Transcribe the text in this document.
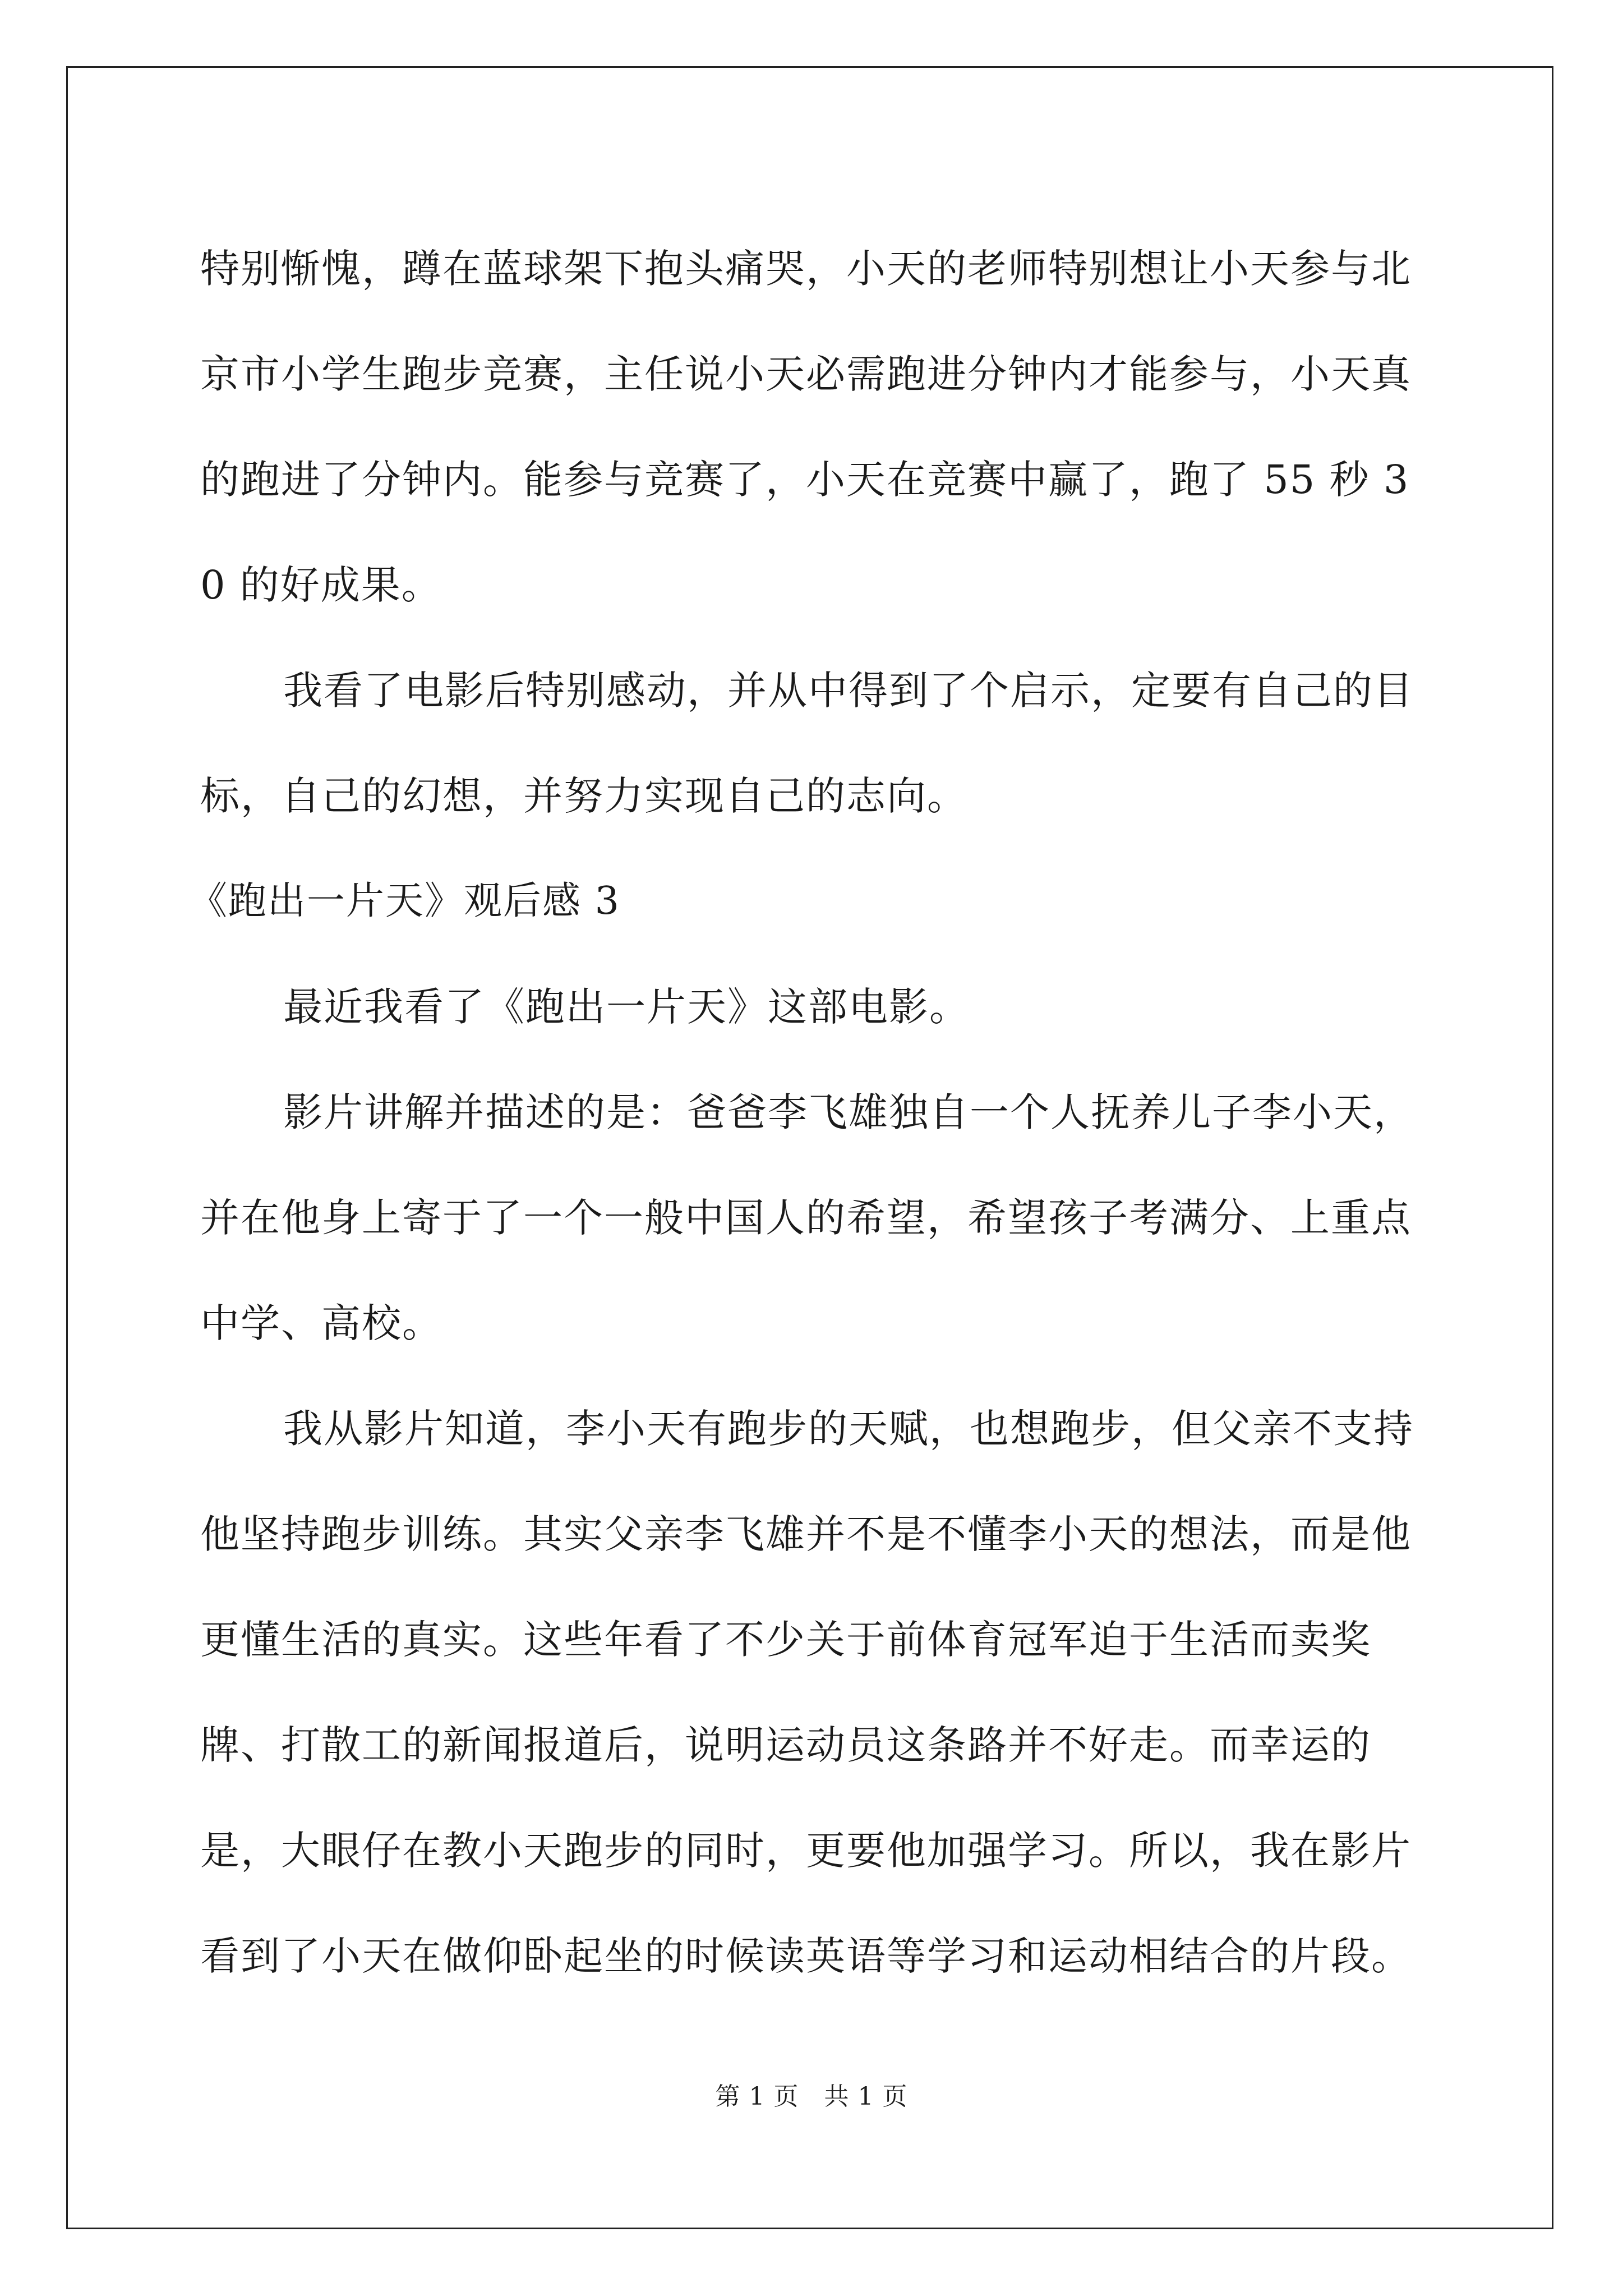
特别惭愧，蹲在蓝球架下抱头痛哭，小天的老师特别想让小天参与北京市小学生跑步竞赛，主任说小天必需跑进分钟内才能参与，小天真的跑进了分钟内。能参与竞赛了，小天在竞赛中赢了，跑了 55 秒 30 的好成果。

我看了电影后特别感动，并从中得到了个启示，定要有自己的目标，自己的幻想，并努力实现自己的志向。

《跑出一片天》观后感 3

最近我看了《跑出一片天》这部电影。

影片讲解并描述的是：爸爸李飞雄独自一个人抚养儿子李小天，并在他身上寄于了一个一般中国人的希望，希望孩子考满分、上重点中学、高校。

我从影片知道，李小天有跑步的天赋，也想跑步，但父亲不支持他坚持跑步训练。其实父亲李飞雄并不是不懂李小天的想法，而是他更懂生活的真实。这些年看了不少关于前体育冠军迫于生活而卖奖牌、打散工的新闻报道后，说明运动员这条路并不好走。而幸运的是，大眼仔在教小天跑步的同时，更要他加强学习。所以，我在影片看到了小天在做仰卧起坐的时候读英语等学习和运动相结合的片段。

第 1 页 共 1 页
